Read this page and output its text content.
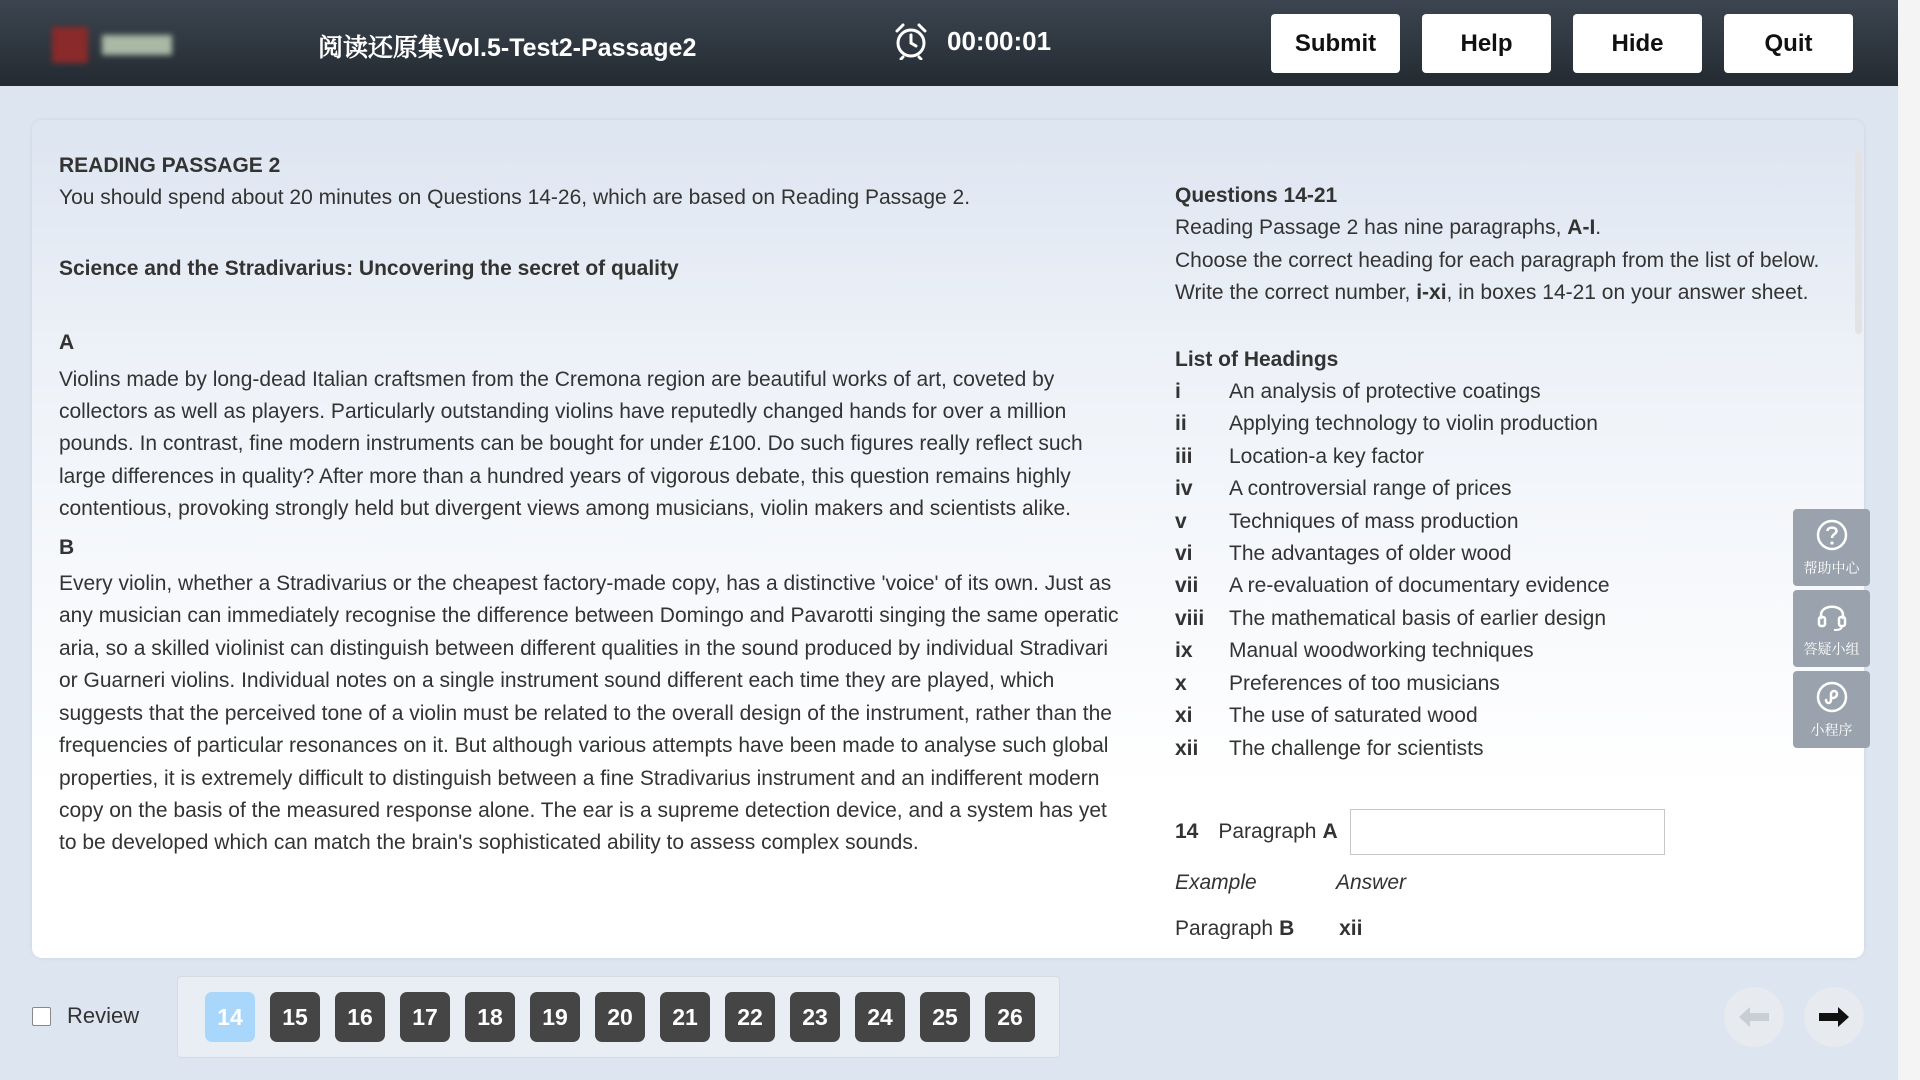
阅读还原集Vol.5-Test2-Passage2	00:00:01	Submit	Help	Hide	Quit
READING PASSAGE 2

You should spend about 20 minutes on Questions 14-26, which are based on Reading Passage 2.

Science and the Stradivarius: Uncovering the secret of quality

A

Violins made by long-dead Italian craftsmen from the Cremona region are beautiful works of art, coveted by collectors as well as players. Particularly outstanding violins have reputedly changed hands for over a million pounds. In contrast, fine modern instruments can be bought for under £100. Do such figures really reflect such large differences in quality? After more than a hundred years of vigorous debate, this question remains highly contentious, provoking strongly held but divergent views among musicians, violin makers and scientists alike.

B

Every violin, whether a Stradivarius or the cheapest factory-made copy, has a distinctive 'voice' of its own. Just as any musician can immediately recognise the difference between Domingo and Pavarotti singing the same operatic aria, so a skilled violinist can distinguish between different qualities in the sound produced by individual Stradivari or Guarneri violins. Individual notes on a single instrument sound different each time they are played, which suggests that the perceived tone of a violin must be related to the overall design of the instrument, rather than the frequencies of particular resonances on it. But although various attempts have been made to analyse such global properties, it is extremely difficult to distinguish between a fine Stradivarius instrument and an indifferent modern copy on the basis of the measured response alone. The ear is a supreme detection device, and a system has yet to be developed which can match the brain's sophisticated ability to assess complex sounds.

Questions 14-21
Reading Passage 2 has nine paragraphs, A-I.
Choose the correct heading for each paragraph from the list of below.
Write the correct number, i-xi, in boxes 14-21 on your answer sheet.
List of Headings
i	An analysis of protective coatings
ii	Applying technology to violin production
iii	Location-a key factor
iv	A controversial range of prices
v	Techniques of mass production
vi	The advantages of older wood
vii	A re-evaluation of documentary evidence
viii	The mathematical basis of earlier design
ix	Manual woodworking techniques
x	Preferences of too musicians
xi	The use of saturated wood
xii	The challenge for scientists
14 Paragraph A
Example	Answer
Paragraph B	xii
帮助中心
答疑小组
小程序
Review	14	15	16	17	18	19	20	21	22	23	24	25	26
